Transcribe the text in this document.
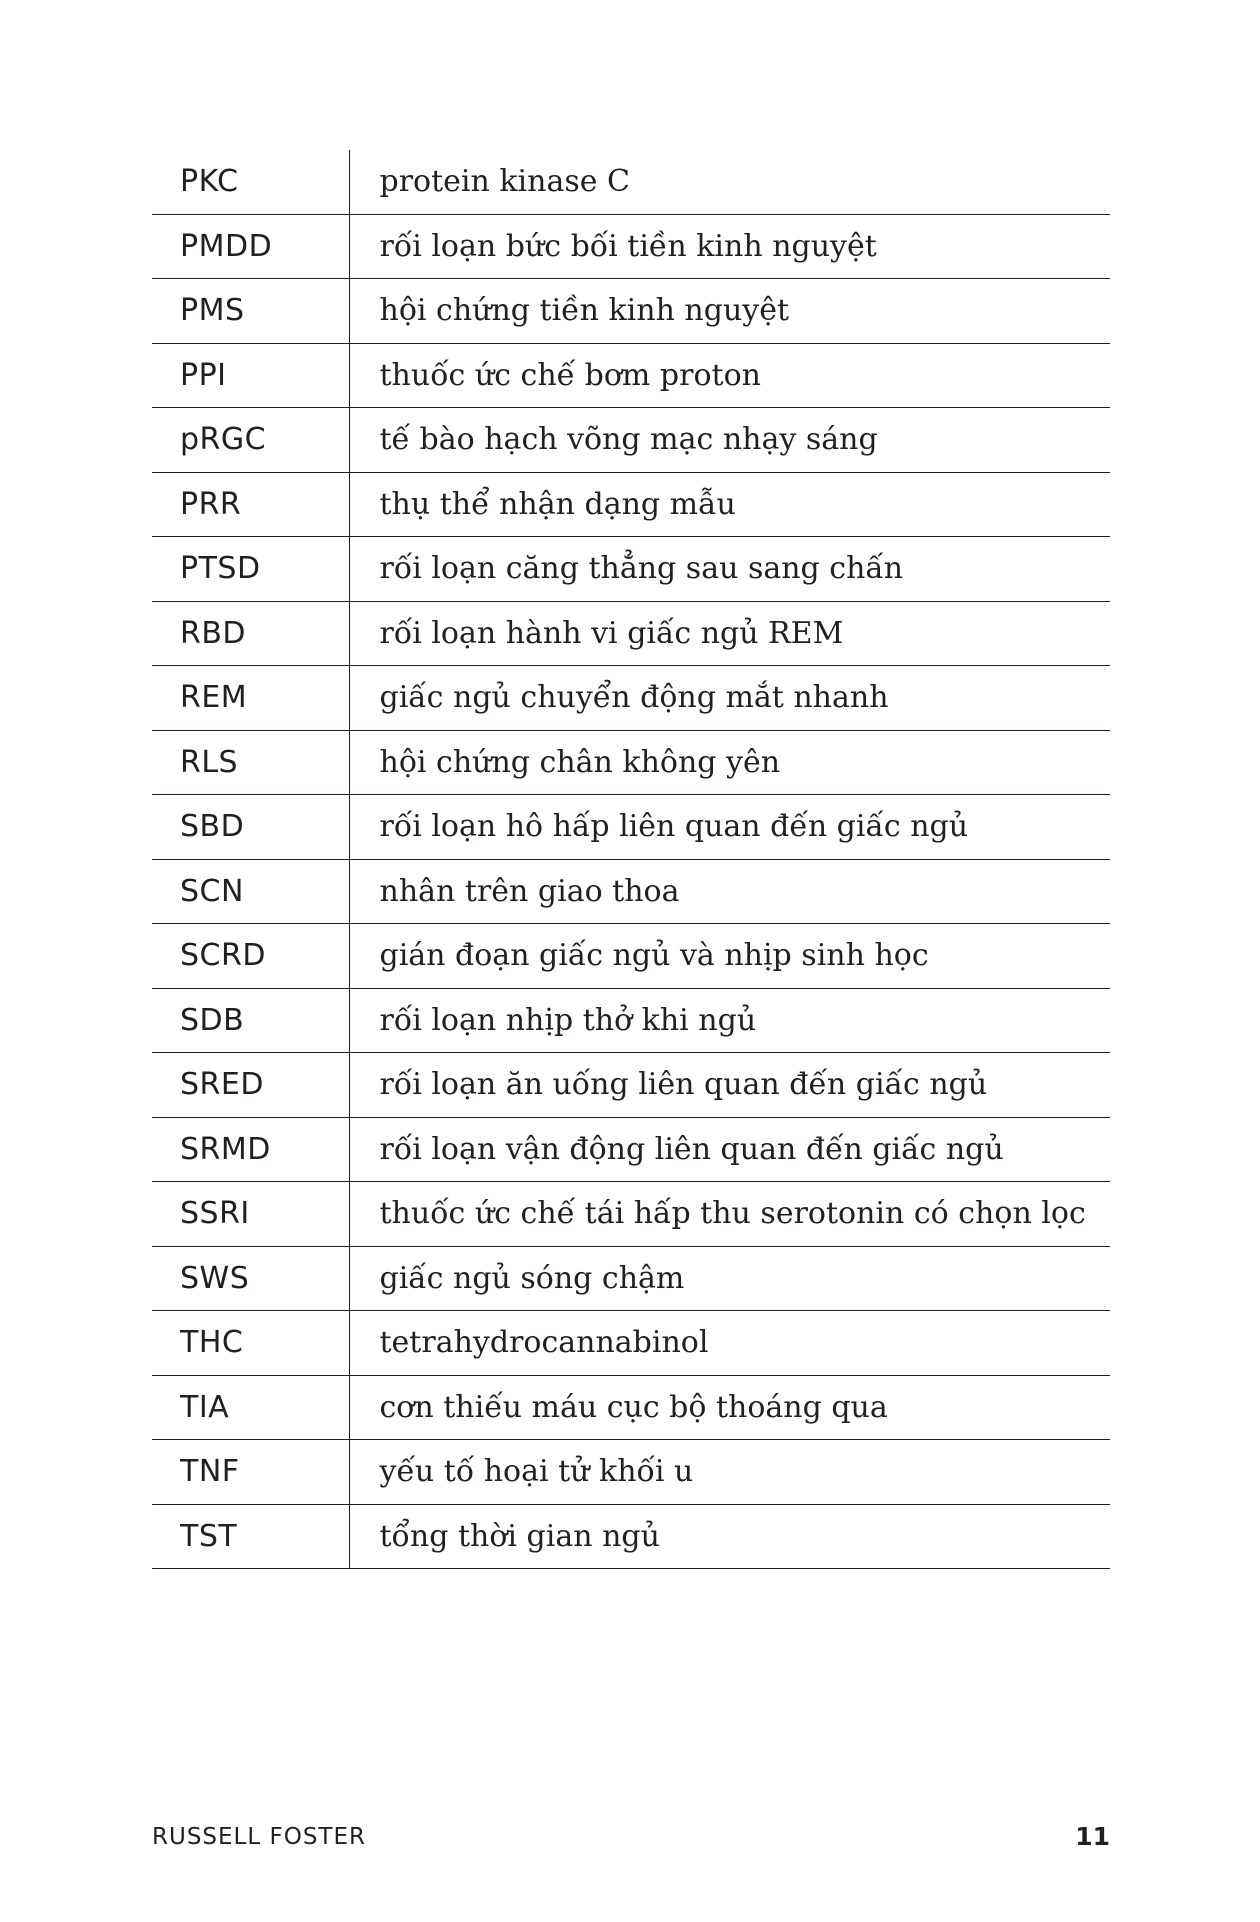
PKC	protein kinase C
PMDD	rối loạn bức bối tiền kinh nguyệt
PMS	hội chứng tiền kinh nguyệt
PPI	thuốc ức chế bơm proton
pRGC	tế bào hạch võng mạc nhạy sáng
PRR	thụ thể nhận dạng mẫu
PTSD	rối loạn căng thẳng sau sang chấn
RBD	rối loạn hành vi giấc ngủ REM
REM	giấc ngủ chuyển động mắt nhanh
RLS	hội chứng chân không yên
SBD	rối loạn hô hấp liên quan đến giấc ngủ
SCN	nhân trên giao thoa
SCRD	gián đoạn giấc ngủ và nhịp sinh học
SDB	rối loạn nhịp thở khi ngủ
SRED	rối loạn ăn uống liên quan đến giấc ngủ
SRMD	rối loạn vận động liên quan đến giấc ngủ
SSRI	thuốc ức chế tái hấp thu serotonin có chọn lọc
SWS	giấc ngủ sóng chậm
THC	tetrahydrocannabinol
TIA	cơn thiếu máu cục bộ thoáng qua
TNF	yếu tố hoại tử khối u
TST	tổng thời gian ngủ
RUSSELL FOSTER	11
